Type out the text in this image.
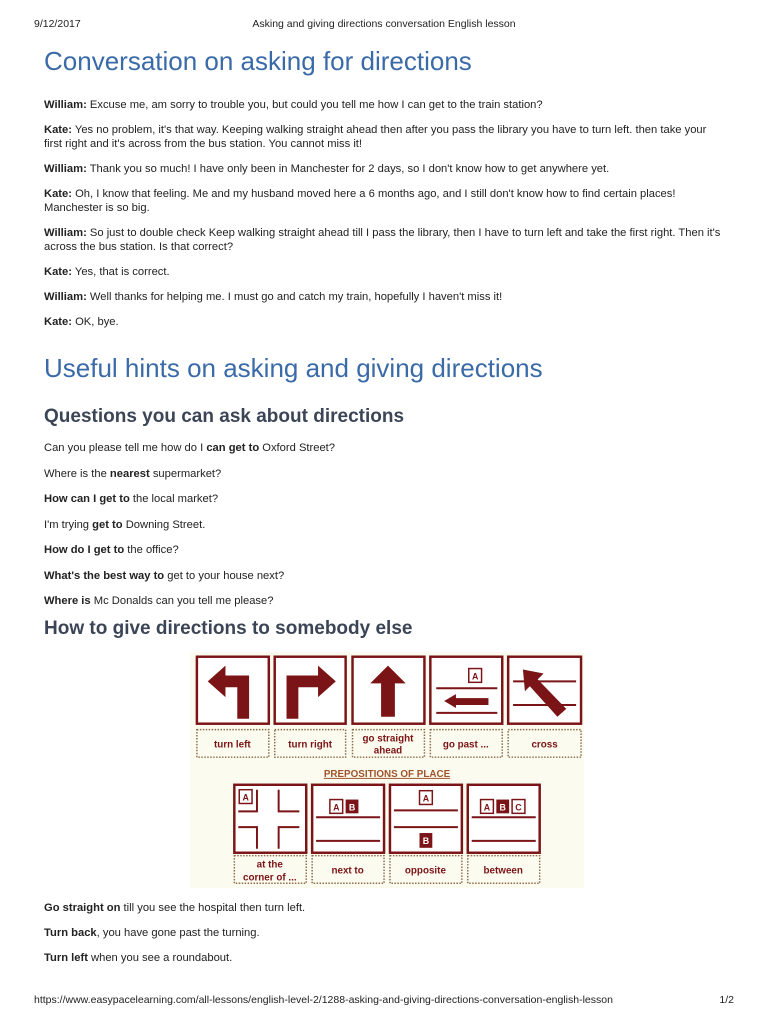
9/12/2017	Asking and giving directions conversation English lesson
Conversation on asking for directions

William: Excuse me, am sorry to trouble you, but could you tell me how I can get to the train station?

Kate: Yes no problem, it's that way. Keeping walking straight ahead then after you pass the library you have to turn left. then take your first right and it's across from the bus station. You cannot miss it!

William: Thank you so much! I have only been in Manchester for 2 days, so I don't know how to get anywhere yet.

Kate: Oh, I know that feeling. Me and my husband moved here a 6 months ago, and I still don't know how to find certain places! Manchester is so big.

William: So just to double check Keep walking straight ahead till I pass the library, then I have to turn left and take the first right. Then it's across the bus station. Is that correct?

Kate: Yes, that is correct.

William: Well thanks for helping me. I must go and catch my train, hopefully I haven't miss it!

Kate: OK, bye.

Useful hints on asking and giving directions
Questions you can ask about directions

Can you please tell me how do I can get to Oxford Street?

Where is the nearest supermarket?

How can I get to the local market?

I'm trying get to Downing Street.

How do I get to the office?

What's the best way to get to your house next?

Where is Mc Donalds can you tell me please?

How to give directions to somebody else
A
turn left	turn right
go straight
ahead
go past ...	cross
PREPOSITIONS OF PLACE
A
A B
A
B
A B C
at the
corner of ...
next to	opposite	between

Go straight on till you see the hospital then turn left.

Turn back, you have gone past the turning.

Turn left when you see a roundabout.

https://www.easypacelearning.com/all-lessons/english-level-2/1288-asking-and-giving-directions-conversation-english-lesson	1/2
